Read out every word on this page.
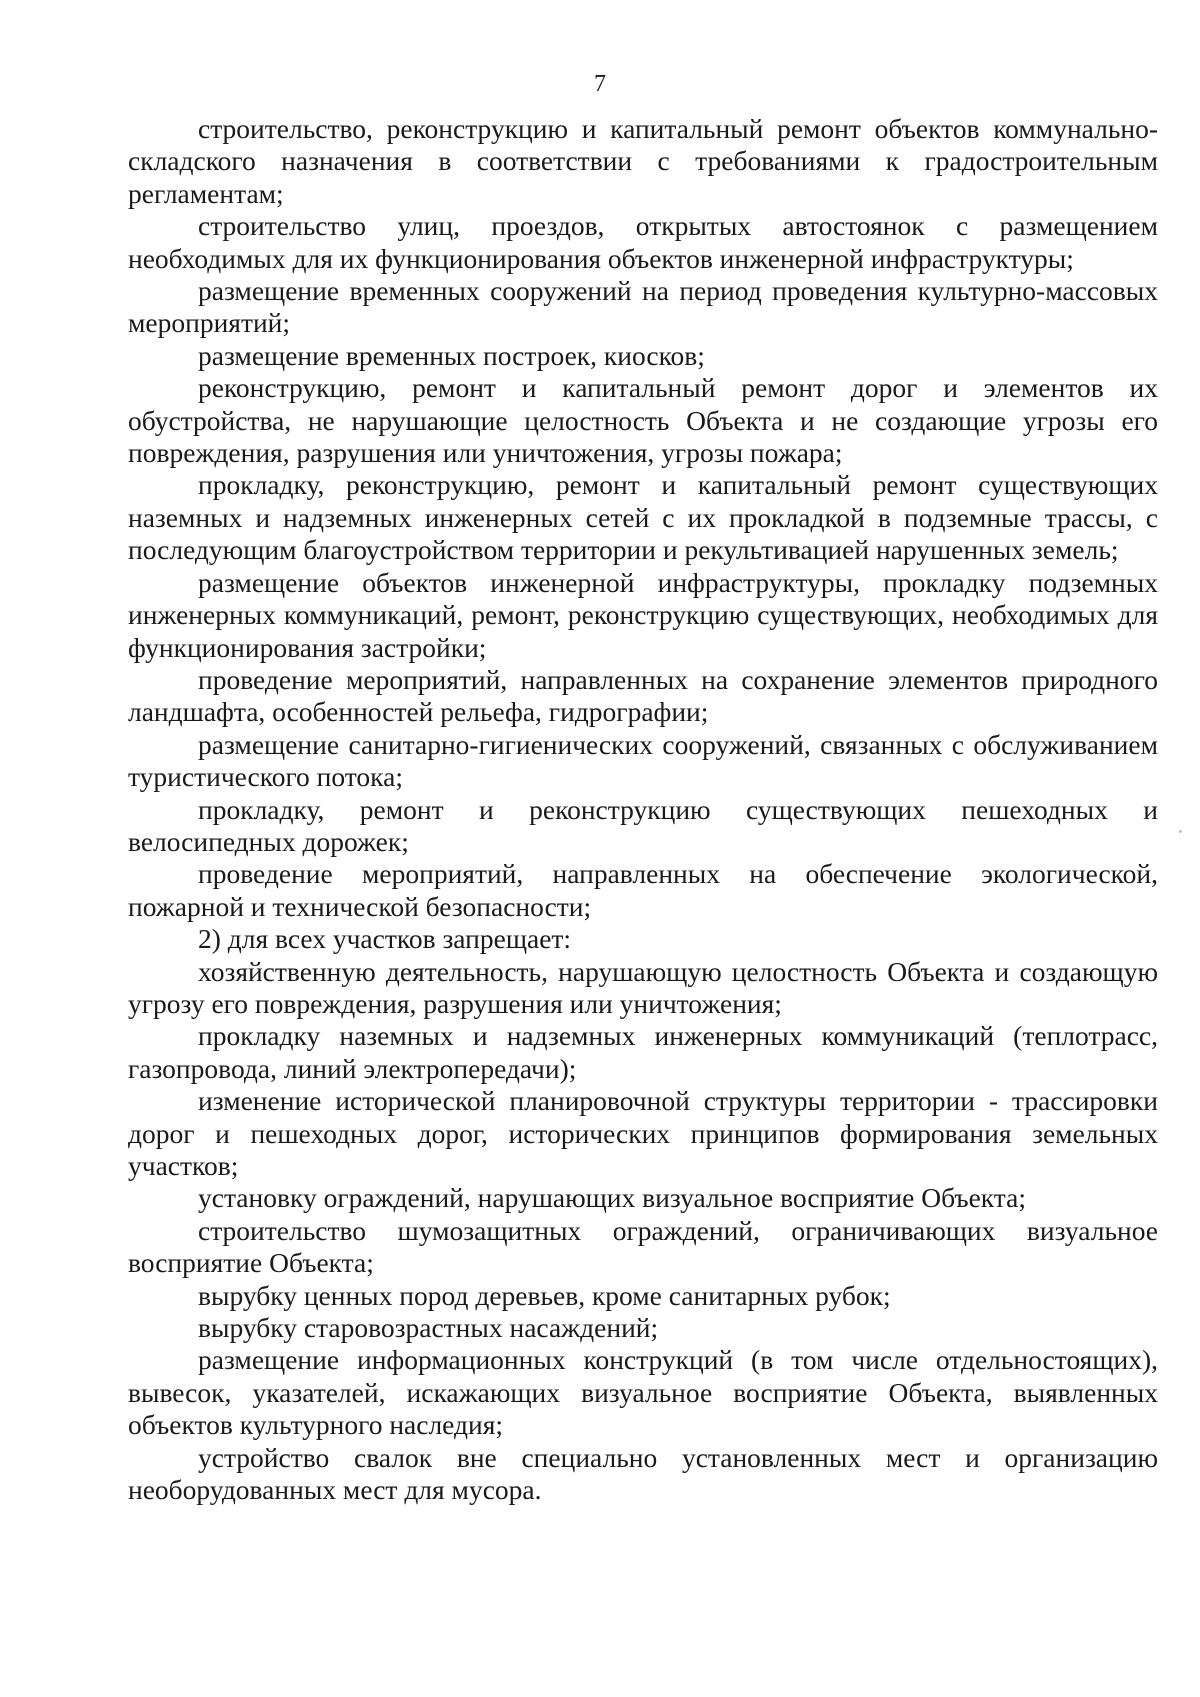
7

строительство, реконструкцию и капитальный ремонт объектов коммунально-складского назначения в соответствии с требованиями к градостроительным регламентам;

строительство улиц, проездов, открытых автостоянок с размещением необходимых для их функционирования объектов инженерной инфраструктуры;

размещение временных сооружений на период проведения культурно-массовых мероприятий;

размещение временных построек, киосков;

реконструкцию, ремонт и капитальный ремонт дорог и элементов их обустройства, не нарушающие целостность Объекта и не создающие угрозы его повреждения, разрушения или уничтожения, угрозы пожара;

прокладку, реконструкцию, ремонт и капитальный ремонт существующих наземных и надземных инженерных сетей с их прокладкой в подземные трассы, с последующим благоустройством территории и рекультивацией нарушенных земель;

размещение объектов инженерной инфраструктуры, прокладку подземных инженерных коммуникаций, ремонт, реконструкцию существующих, необходимых для функционирования застройки;

проведение мероприятий, направленных на сохранение элементов природного ландшафта, особенностей рельефа, гидрографии;

размещение санитарно-гигиенических сооружений, связанных с обслуживанием туристического потока;

прокладку, ремонт и реконструкцию существующих пешеходных и велосипедных дорожек;

проведение мероприятий, направленных на обеспечение экологической, пожарной и технической безопасности;

2) для всех участков запрещает:

хозяйственную деятельность, нарушающую целостность Объекта и создающую угрозу его повреждения, разрушения или уничтожения;

прокладку наземных и надземных инженерных коммуникаций (теплотрасс, газопровода, линий электропередачи);

изменение исторической планировочной структуры территории - трассировки дорог и пешеходных дорог, исторических принципов формирования земельных участков;

установку ограждений, нарушающих визуальное восприятие Объекта;

строительство шумозащитных ограждений, ограничивающих визуальное восприятие Объекта;

вырубку ценных пород деревьев, кроме санитарных рубок;

вырубку старовозрастных насаждений;

размещение информационных конструкций (в том числе отдельностоящих), вывесок, указателей, искажающих визуальное восприятие Объекта, выявленных объектов культурного наследия;

устройство свалок вне специально установленных мест и организацию необорудованных мест для мусора.
